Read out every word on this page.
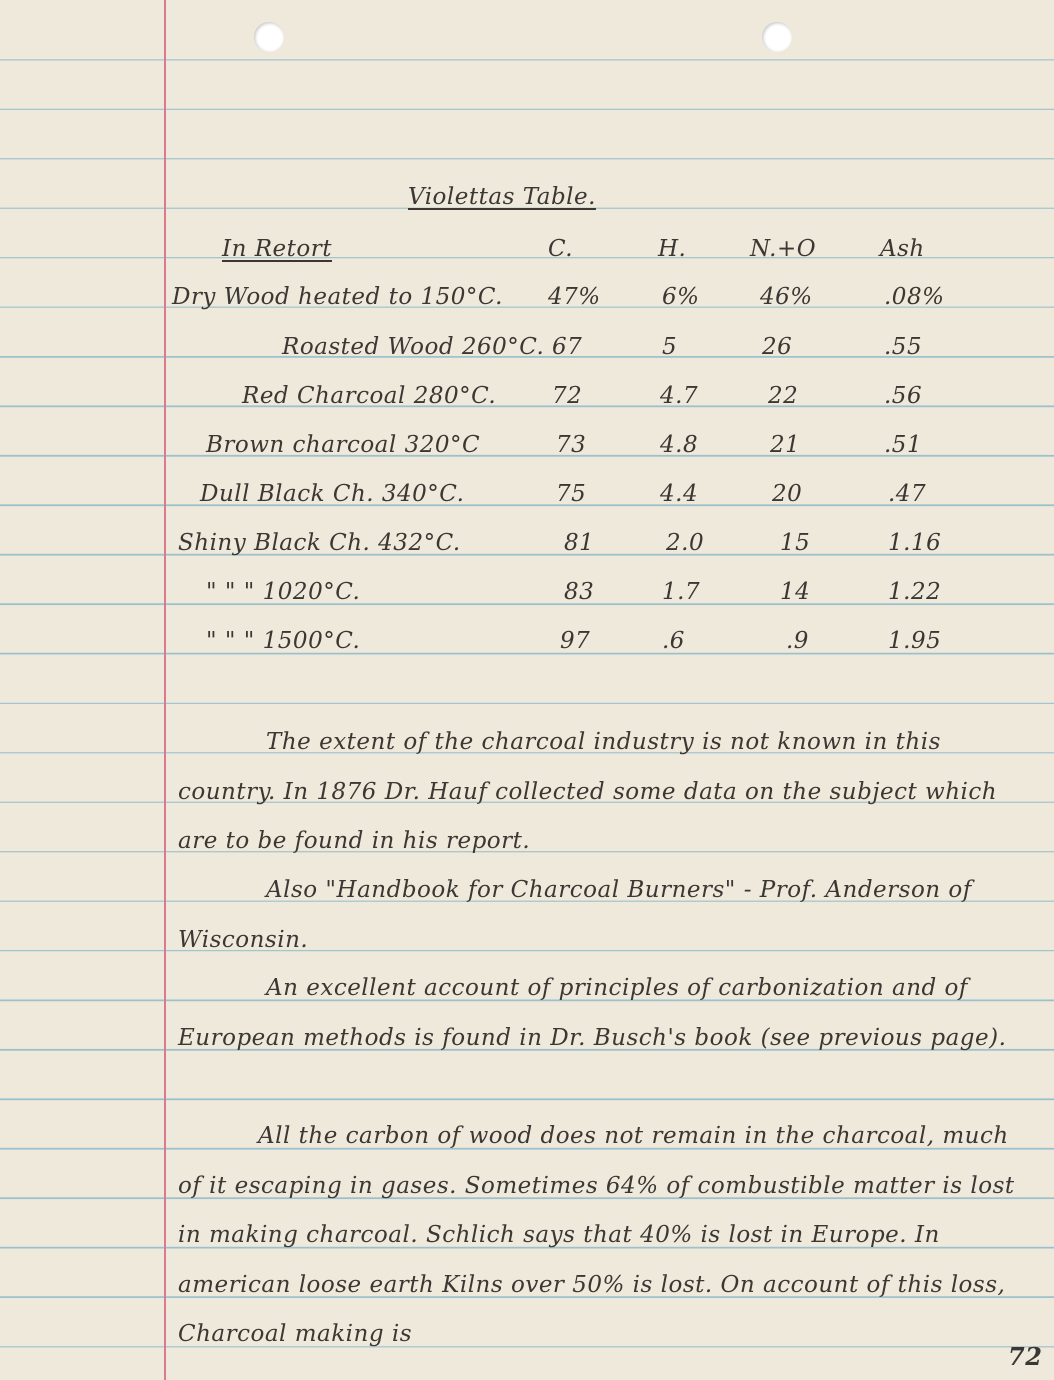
Violettas Table.
In Retort	C.	H.	N.+O	Ash
Dry Wood heated to 150°C. 47%	6%	46%	.08%
Roasted Wood 260°C. 67	5	26	.55
Red Charcoal 280°C. 72	4.7	22	.56
Brown charcoal 320°C	73	4.8	21	.51
Dull Black Ch. 340°C.	75	4.4	20	.47
Shiny Black Ch. 432°C.	81	2.0	15	1.16
" " " 1020°C.	83	1.7	14	1.22
" " " 1500°C.	97	.6	.9	1.95
The extent of the charcoal industry is not known in this country. In 1876 Dr. Hauf collected some data on the subject which are to be found in his report.
Also "Handbook for Charcoal Burners" - Prof. Anderson of Wisconsin.
An excellent account of principles of carbonization and of European methods is found in Dr. Busch's book (see previous page).
All the carbon of wood does not remain in the charcoal, much of it escaping in gases. Sometimes 64% of combustible matter is lost in making charcoal. Schlich says that 40% is lost in Europe. In american loose earth Kilns over 50% is lost. On account of this loss, Charcoal making is
72
